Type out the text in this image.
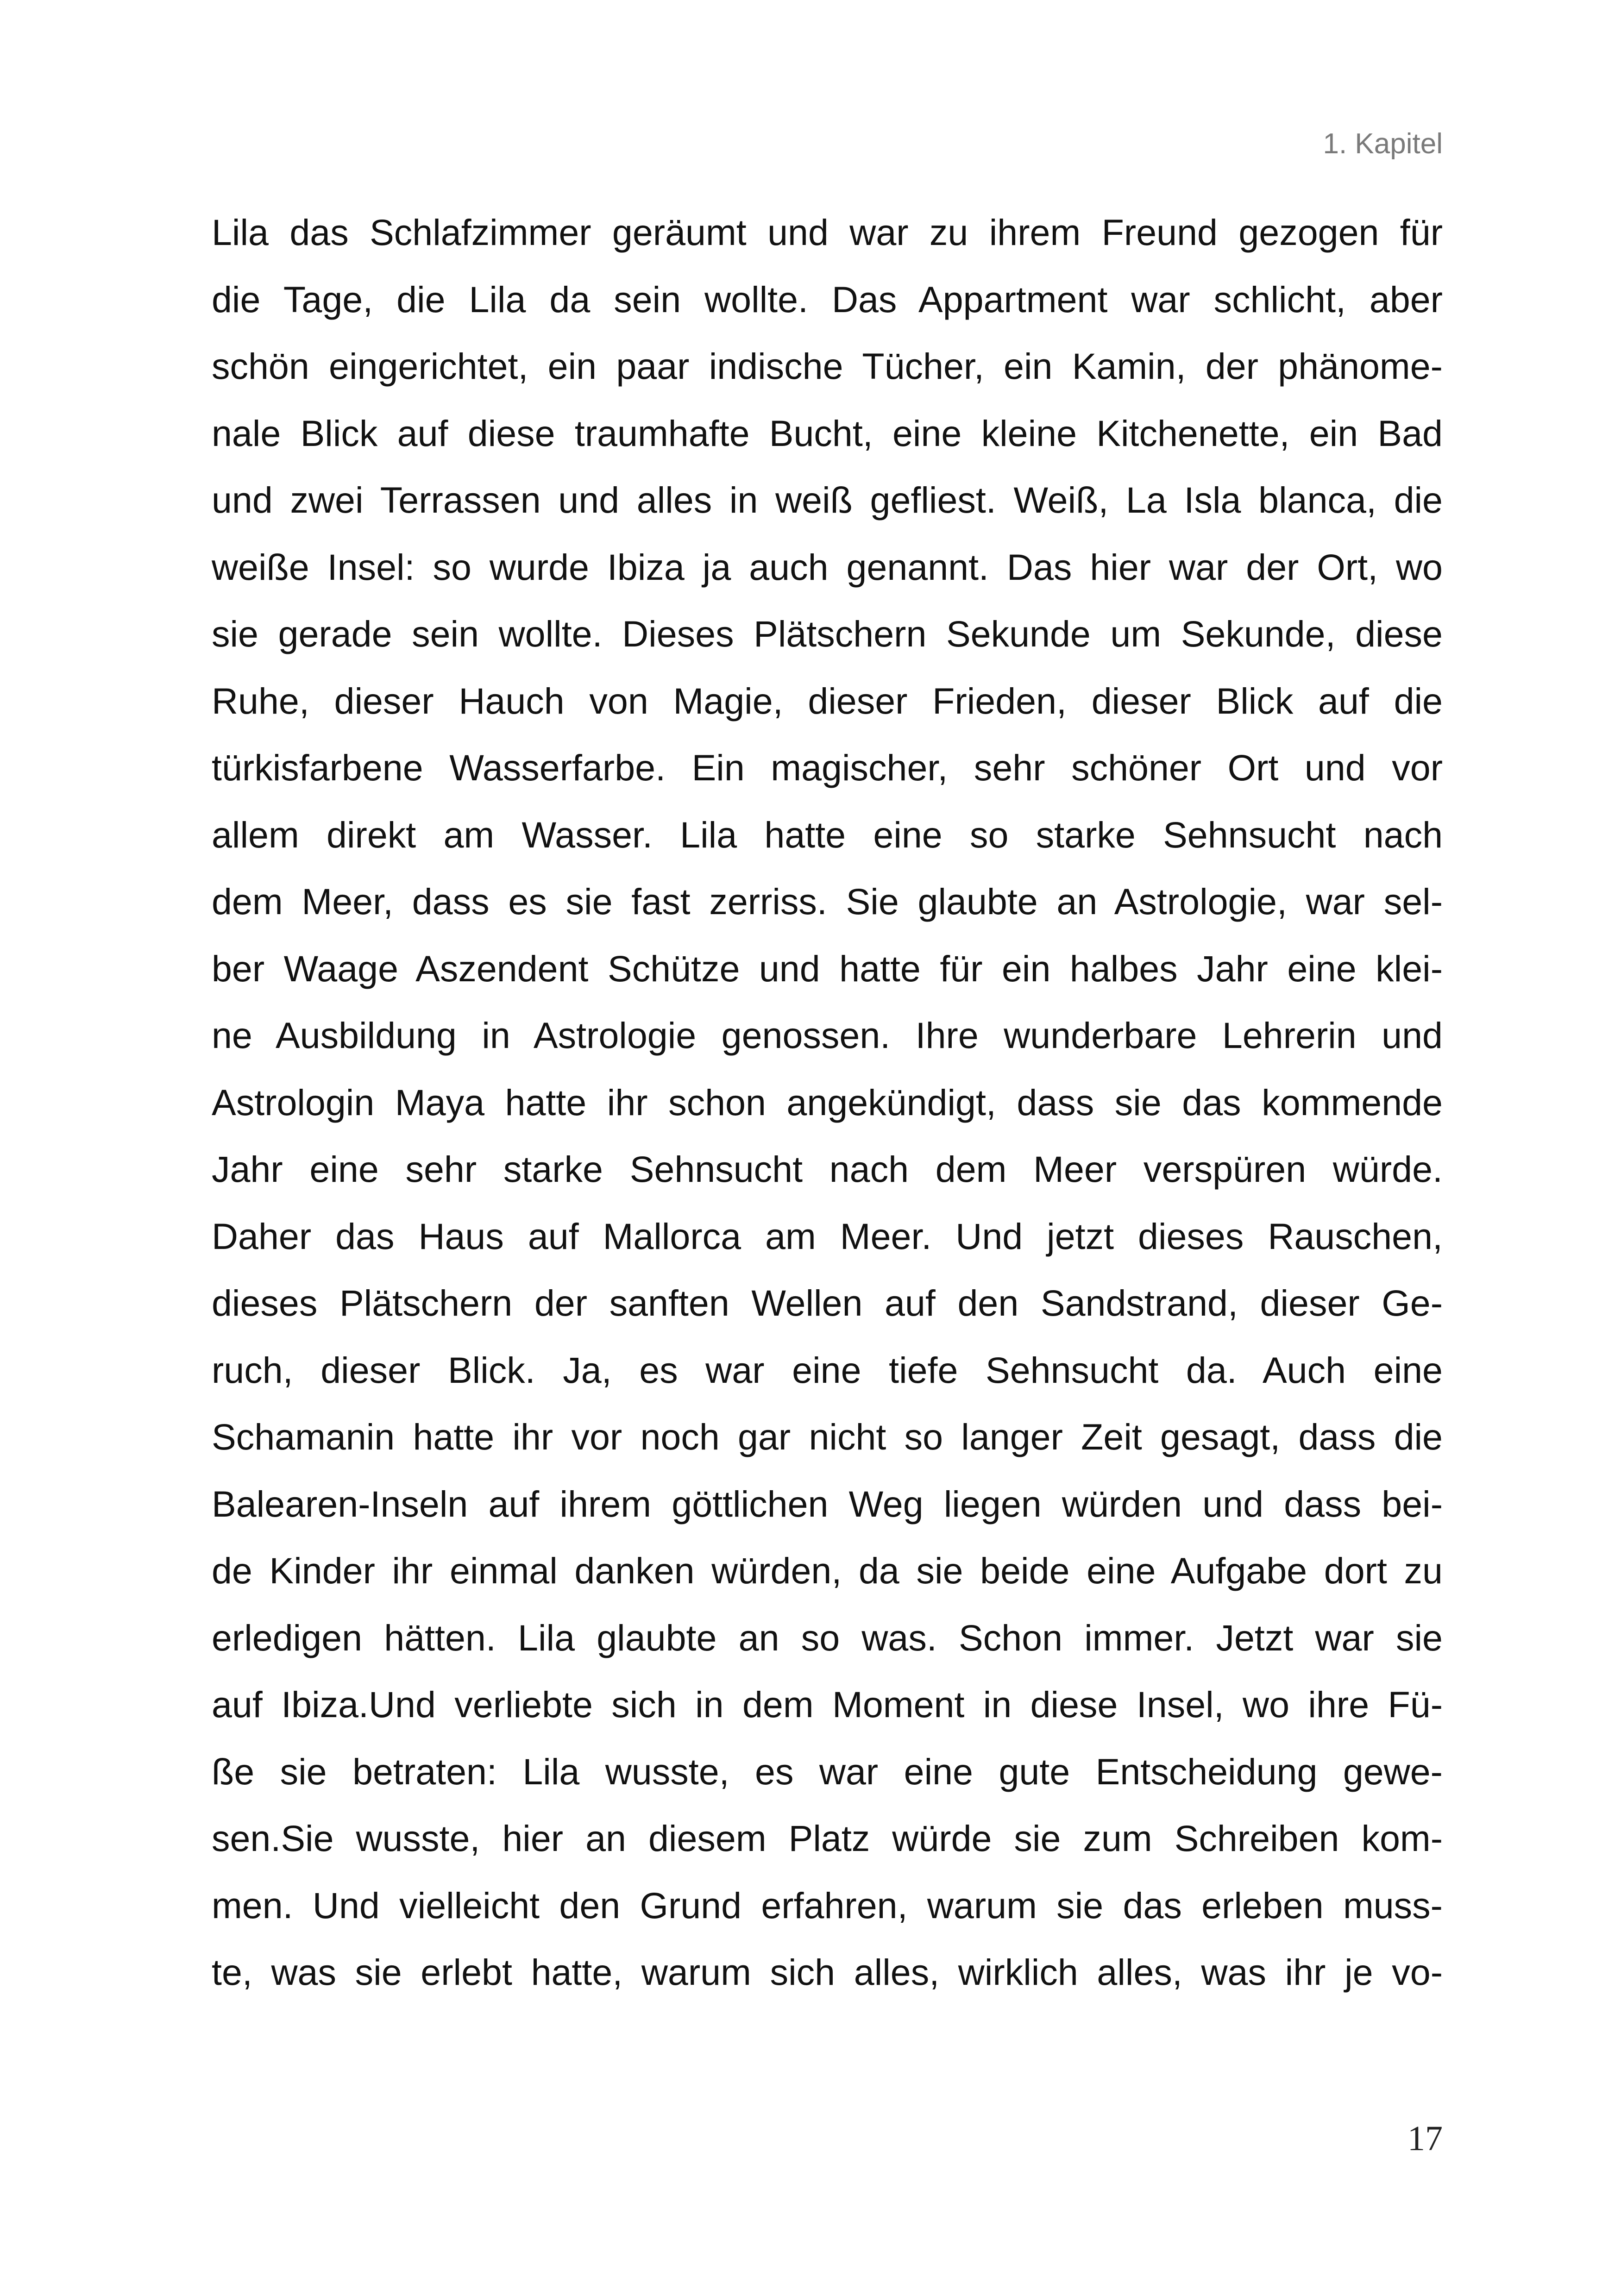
1. Kapitel
Lila das Schlafzimmer geräumt und war zu ihrem Freund gezogen für
die Tage, die Lila da sein wollte. Das Appartment war schlicht, aber
schön eingerichtet, ein paar indische Tücher, ein Kamin, der phänome-
nale Blick auf diese traumhafte Bucht, eine kleine Kitchenette, ein Bad
und zwei Terrassen und alles in weiß gefliest. Weiß, La Isla blanca, die
weiße Insel: so wurde Ibiza ja auch genannt. Das hier war der Ort, wo
sie gerade sein wollte. Dieses Plätschern Sekunde um Sekunde, diese
Ruhe, dieser Hauch von Magie, dieser Frieden, dieser Blick auf die
türkisfarbene Wasserfarbe. Ein magischer, sehr schöner Ort und vor
allem direkt am Wasser. Lila hatte eine so starke Sehnsucht nach
dem Meer, dass es sie fast zerriss. Sie glaubte an Astrologie, war sel-
ber Waage Aszendent Schütze und hatte für ein halbes Jahr eine klei-
ne Ausbildung in Astrologie genossen. Ihre wunderbare Lehrerin und
Astrologin Maya hatte ihr schon angekündigt, dass sie das kommende
Jahr eine sehr starke Sehnsucht nach dem Meer verspüren würde.
Daher das Haus auf Mallorca am Meer. Und jetzt dieses Rauschen,
dieses Plätschern der sanften Wellen auf den Sandstrand, dieser Ge-
ruch, dieser Blick. Ja, es war eine tiefe Sehnsucht da. Auch eine
Schamanin hatte ihr vor noch gar nicht so langer Zeit gesagt, dass die
Balearen-Inseln auf ihrem göttlichen Weg liegen würden und dass bei-
de Kinder ihr einmal danken würden, da sie beide eine Aufgabe dort zu
erledigen hätten. Lila glaubte an so was. Schon immer. Jetzt war sie
auf Ibiza.Und verliebte sich in dem Moment in diese Insel, wo ihre Fü-
ße sie betraten: Lila wusste, es war eine gute Entscheidung gewe-
sen.Sie wusste, hier an diesem Platz würde sie zum Schreiben kom-
men. Und vielleicht den Grund erfahren, warum sie das erleben muss-
te, was sie erlebt hatte, warum sich alles, wirklich alles, was ihr je vo-
17
